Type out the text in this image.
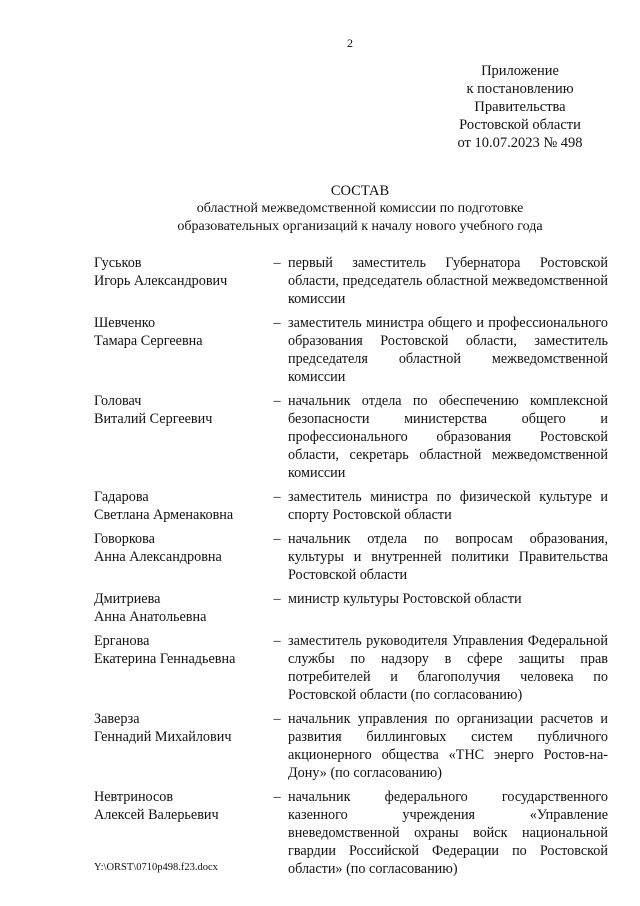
2
Приложение
к постановлению
Правительства
Ростовской области
от 10.07.2023 № 498
СОСТАВ
областной межведомственной комиссии по подготовке
образовательных организаций к началу нового учебного года
Гуськов
Игорь Александрович
– первый заместитель Губернатора Ростовской области, председатель областной межведомственной комиссии
Шевченко
Тамара Сергеевна
– заместитель министра общего и профессионального образования Ростовской области, заместитель председателя областной межведомственной комиссии
Головач
Виталий Сергеевич
– начальник отдела по обеспечению комплексной безопасности министерства общего и профессионального образования Ростовской области, секретарь областной межведомственной комиссии
Гадарова
Светлана Арменаковна
– заместитель министра по физической культуре и спорту Ростовской области
Говоркова
Анна Александровна
– начальник отдела по вопросам образования, культуры и внутренней политики Правительства Ростовской области
Дмитриева
Анна Анатольевна
– министр культуры Ростовской области
Ерганова
Екатерина Геннадьевна
– заместитель руководителя Управления Федеральной службы по надзору в сфере защиты прав потребителей и благополучия человека по Ростовской области (по согласованию)
Заверза
Геннадий Михайлович
– начальник управления по организации расчетов и развития биллинговых систем публичного акционерного общества «ТНС энерго Ростов-на-Дону» (по согласованию)
Невтриносов
Алексей Валерьевич
– начальник федерального государственного казенного учреждения «Управление вневедомственной охраны войск национальной гвардии Российской Федерации по Ростовской области» (по согласованию)
Y:\ORST\0710p498.f23.docx
